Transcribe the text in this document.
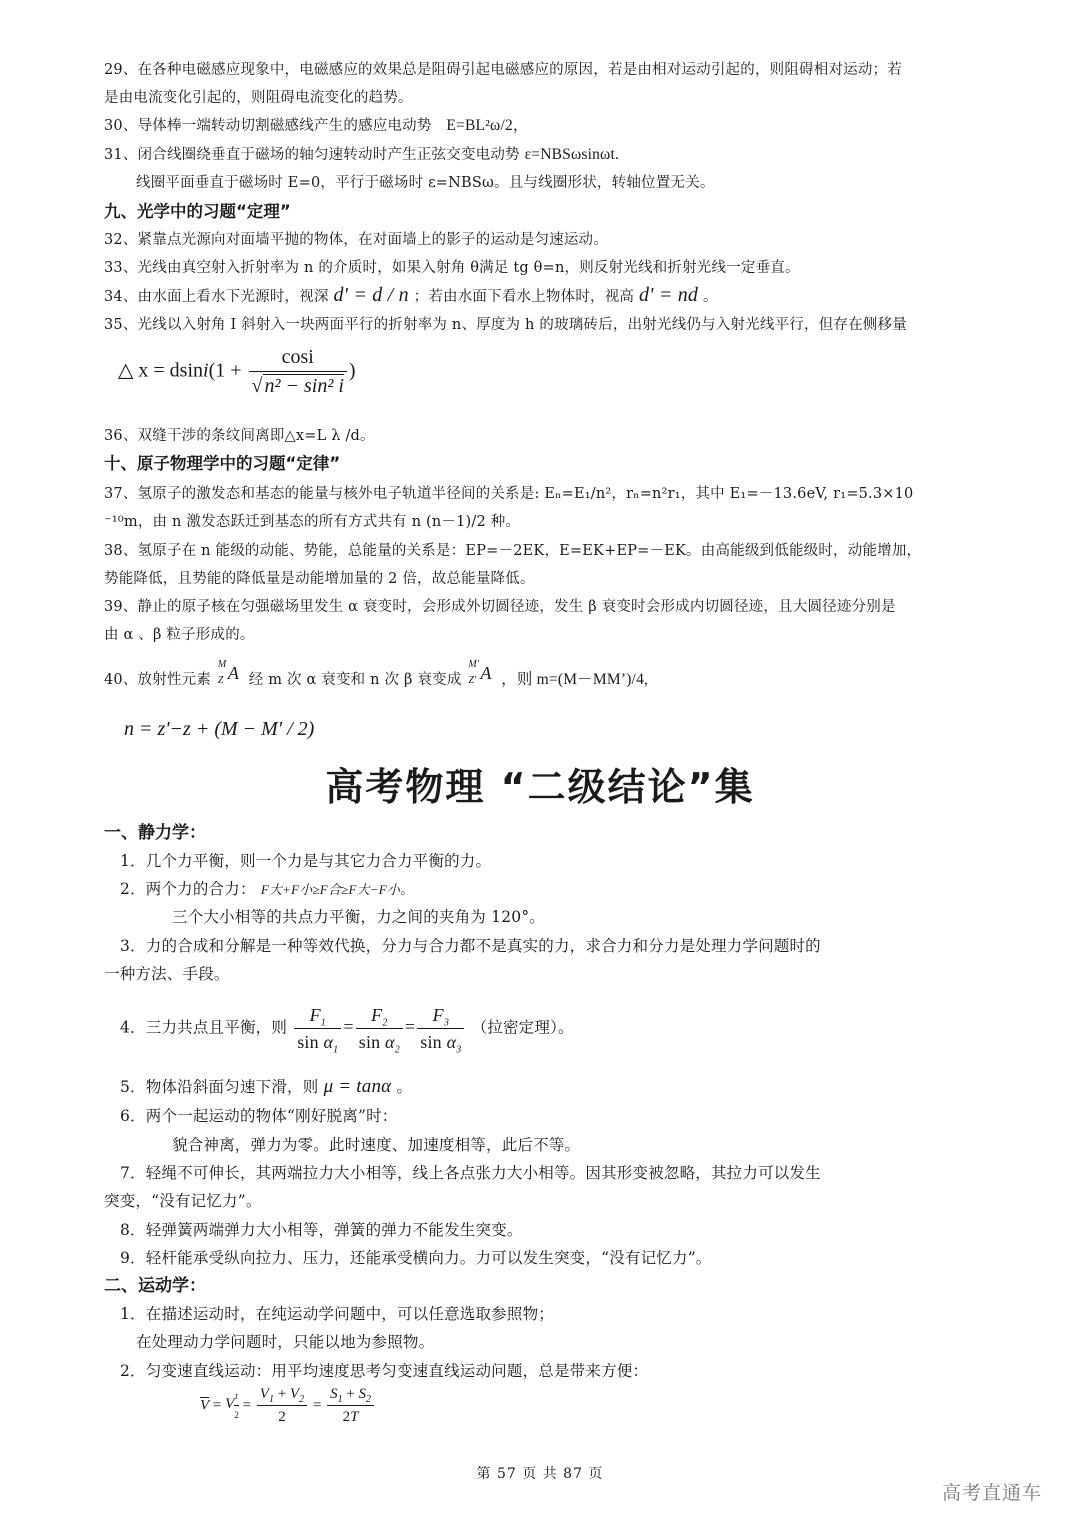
29、在各种电磁感应现象中，电磁感应的效果总是阻碍引起电磁感应的原因，若是由相对运动引起的，则阻碍相对运动；若
是由电流变化引起的，则阻碍电流变化的趋势。
30、导体棒一端转动切割磁感线产生的感应电动势 E=BL²ω/2，
31、闭合线圈绕垂直于磁场的轴匀速转动时产生正弦交变电动势 ε=NBSωsinωt.
线圈平面垂直于磁场时 E=0，平行于磁场时 ε=NBSω。且与线圈形状，转轴位置无关。
九、光学中的习题“定理”
32、紧靠点光源向对面墙平抛的物体，在对面墙上的影子的运动是匀速运动。
33、光线由真空射入折射率为 n 的介质时，如果入射角 θ满足 tg θ=n，则反射光线和折射光线一定垂直。
34、由水面上看水下光源时，视深 d' = d / n ；若由水面下看水上物体时，视高 d' = nd 。
35、光线以入射角 I 斜射入一块两面平行的折射率为 n、厚度为 h 的玻璃砖后，出射光线仍与入射光线平行，但存在侧移量
△ $x = dsini(1 + \frac{\cos i}{\text{√ n² − sin² i}}$ )
36、双缝干涉的条纹间离即△x=L λ /d。
十、原子物理学中的习题“定律”
37、氢原子的激发态和基态的能量与核外电子轨道半径间的关系是: Eₙ=E₁/n²，rₙ=n²r₁，其中 E₁=－13.6eV, r₁=5.3×10
⁻¹⁰m，由 n 激发态跃迁到基态的所有方式共有 n (n－1)/2 种。
38、氢原子在 n 能级的动能、势能，总能量的关系是：EP=－2EK，E=EK+EP=－EK。由高能级到低能级时，动能增加，
势能降低，且势能的降低量是动能增加量的 2 倍，故总能量降低。
39、静止的原子核在匀强磁场里发生 α 衰变时，会形成外切圆径迹，发生 β 衰变时会形成内切圆径迹，且大圆径迹分别是
由 α 、β 粒子形成的。
40、放射性元素
M
Z A 经 m 次 α 衰变和 n 次 β 衰变成
M'
Z' A ，则 m=(M－MM’)/4,
n = z'−z + (M − M' / 2)
高考物理 “二级结论”集
一、静力学：
1．几个力平衡，则一个力是与其它力合力平衡的力。
2．两个力的合力： F大+F小≥F合≥F大−F小。
三个大小相等的共点力平衡，力之间的夹角为 120°。
3．力的合成和分解是一种等效代换，分力与合力都不是真实的力，求合力和分力是处理力学问题时的
一种方法、手段。
4．三力共点且平衡，则 $\frac{F_1}{\sin \alpha_1} = \frac{F_2}{\sin \alpha_2} = \frac{F_3}{\sin \alpha_3}$ （拉密定理）。
5．物体沿斜面匀速下滑，则 μ = tanα 。
6．两个一起运动的物体“刚好脱离”时：
貌合神离，弹力为零。此时速度、加速度相等，此后不等。
7．轻绳不可伸长，其两端拉力大小相等，线上各点张力大小相等。因其形变被忽略，其拉力可以发生
突变，“没有记忆力”。
8．轻弹簧两端弹力大小相等，弹簧的弹力不能发生突变。
9．轻杆能承受纵向拉力、压力，还能承受横向力。力可以发生突变，“没有记忆力”。
二、运动学：
1．在描述运动时，在纯运动学问题中，可以任意选取参照物；
在处理动力学问题时，只能以地为参照物。
2．匀变速直线运动：用平均速度思考匀变速直线运动问题，总是带来方便：
$\overline{V} = V \frac{t}{2} = \frac{V_1 + V_2}{2} = \frac{S_1 + S_2}{2T}$
第 57 页 共 87 页
高考直通车
